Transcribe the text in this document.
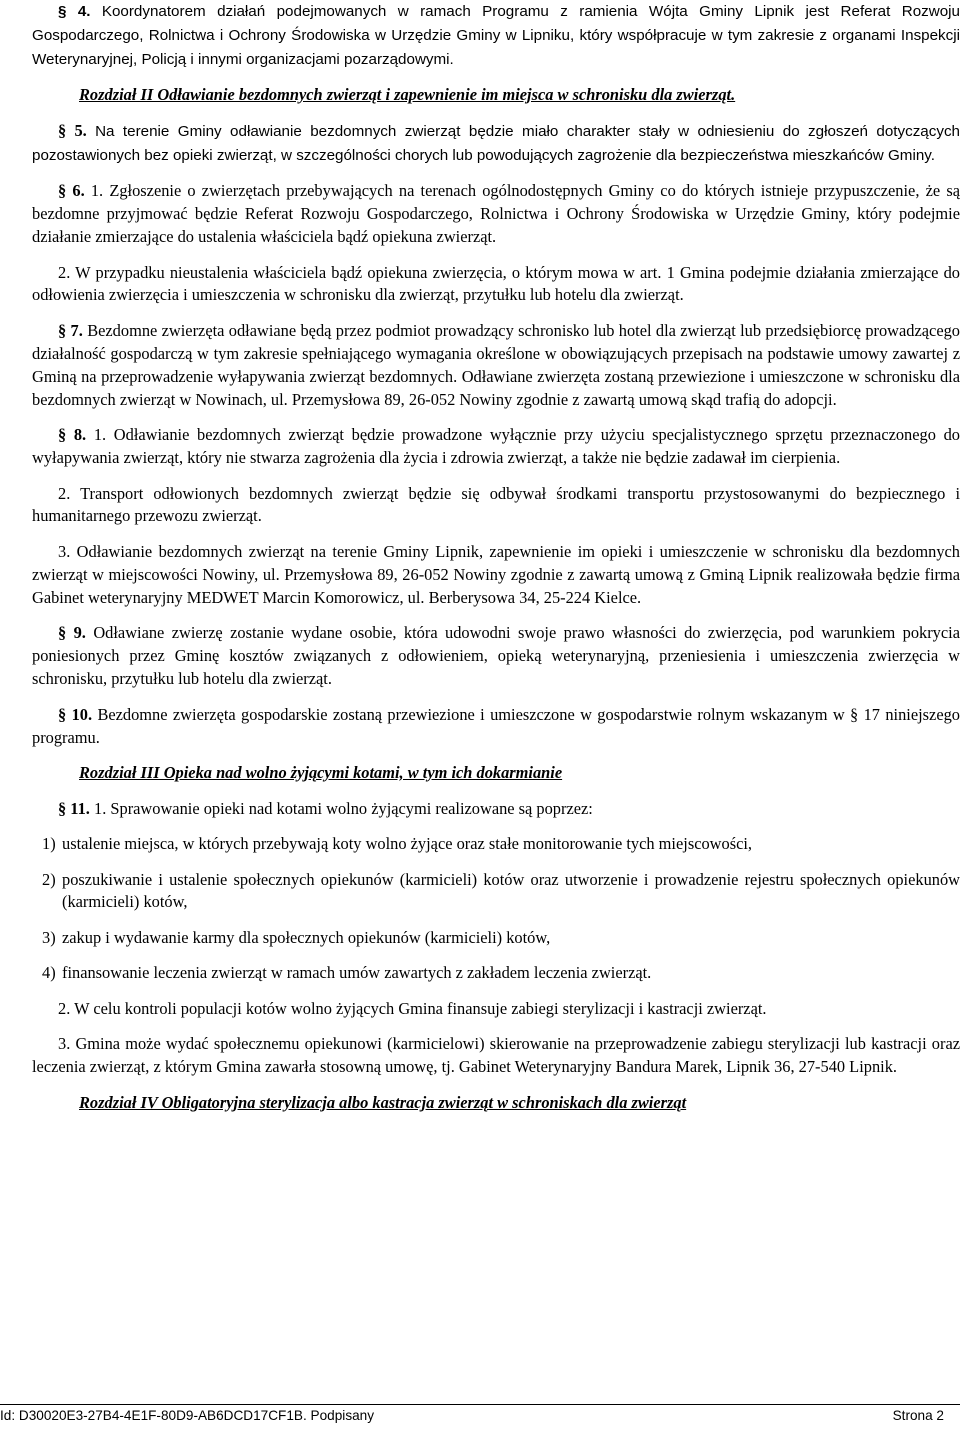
§ 4. Koordynatorem działań podejmowanych w ramach Programu z ramienia Wójta Gminy Lipnik jest Referat Rozwoju Gospodarczego, Rolnictwa i Ochrony Środowiska w Urzędzie Gminy w Lipniku, który współpracuje w tym zakresie z organami Inspekcji Weterynaryjnej, Policją i innymi organizacjami pozarządowymi.

Rozdział II Odławianie bezdomnych zwierząt i zapewnienie im miejsca w schronisku dla zwierząt.

§ 5. Na terenie Gminy odławianie bezdomnych zwierząt będzie miało charakter stały w odniesieniu do zgłoszeń dotyczących pozostawionych bez opieki zwierząt, w szczególności chorych lub powodujących zagrożenie dla bezpieczeństwa mieszkańców Gminy.

§ 6. 1. Zgłoszenie o zwierzętach przebywających na terenach ogólnodostępnych Gminy co do których istnieje przypuszczenie, że są bezdomne przyjmować będzie Referat Rozwoju Gospodarczego, Rolnictwa i Ochrony Środowiska w Urzędzie Gminy, który podejmie działanie zmierzające do ustalenia właściciela bądź opiekuna zwierząt.

2. W przypadku nieustalenia właściciela bądź opiekuna zwierzęcia, o którym mowa w art. 1 Gmina podejmie działania zmierzające do odłowienia zwierzęcia i umieszczenia w schronisku dla zwierząt, przytułku lub hotelu dla zwierząt.

§ 7. Bezdomne zwierzęta odławiane będą przez podmiot prowadzący schronisko lub hotel dla zwierząt lub przedsiębiorcę prowadzącego działalność gospodarczą w tym zakresie spełniającego wymagania określone w obowiązujących przepisach na podstawie umowy zawartej z Gminą na przeprowadzenie wyłapywania zwierząt bezdomnych. Odławiane zwierzęta zostaną przewiezione i umieszczone w schronisku dla bezdomnych zwierząt w Nowinach, ul. Przemysłowa 89, 26-052 Nowiny zgodnie z zawartą umową skąd trafią do adopcji.

§ 8. 1. Odławianie bezdomnych zwierząt będzie prowadzone wyłącznie przy użyciu specjalistycznego sprzętu przeznaczonego do wyłapywania zwierząt, który nie stwarza zagrożenia dla życia i zdrowia zwierząt, a także nie będzie zadawał im cierpienia.

2. Transport odłowionych bezdomnych zwierząt będzie się odbywał środkami transportu przystosowanymi do bezpiecznego i humanitarnego przewozu zwierząt.

3. Odławianie bezdomnych zwierząt na terenie Gminy Lipnik, zapewnienie im opieki i umieszczenie w schronisku dla bezdomnych zwierząt w miejscowości Nowiny, ul. Przemysłowa 89, 26-052 Nowiny zgodnie z zawartą umową z Gminą Lipnik realizowała będzie firma Gabinet weterynaryjny MEDWET Marcin Komorowicz, ul. Berberysowa 34, 25-224 Kielce.

§ 9. Odławiane zwierzę zostanie wydane osobie, która udowodni swoje prawo własności do zwierzęcia, pod warunkiem pokrycia poniesionych przez Gminę kosztów związanych z odłowieniem, opieką weterynaryjną, przeniesienia i umieszczenia zwierzęcia w schronisku, przytułku lub hotelu dla zwierząt.

§ 10. Bezdomne zwierzęta gospodarskie zostaną przewiezione i umieszczone w gospodarstwie rolnym wskazanym w § 17 niniejszego programu.

Rozdział III Opieka nad wolno żyjącymi kotami, w tym ich dokarmianie

§ 11. 1. Sprawowanie opieki nad kotami wolno żyjącymi realizowane są poprzez:

1) ustalenie miejsca, w których przebywają koty wolno żyjące oraz stałe monitorowanie tych miejscowości,
2) poszukiwanie i ustalenie społecznych opiekunów (karmicieli) kotów oraz utworzenie i prowadzenie rejestru społecznych opiekunów (karmicieli) kotów,
3) zakup i wydawanie karmy dla społecznych opiekunów (karmicieli) kotów,
4) finansowanie leczenia zwierząt w ramach umów zawartych z zakładem leczenia zwierząt.

2. W celu kontroli populacji kotów wolno żyjących Gmina finansuje zabiegi sterylizacji i kastracji zwierząt.

3. Gmina może wydać społecznemu opiekunowi (karmicielowi) skierowanie na przeprowadzenie zabiegu sterylizacji lub kastracji oraz leczenia zwierząt, z którym Gmina zawarła stosowną umowę, tj. Gabinet Weterynaryjny Bandura Marek, Lipnik 36, 27-540 Lipnik.

Rozdział IV Obligatoryjna sterylizacja albo kastracja zwierząt w schroniskach dla zwierząt

Id: D30020E3-27B4-4E1F-80D9-AB6DCD17CF1B. Podpisany	Strona 2
